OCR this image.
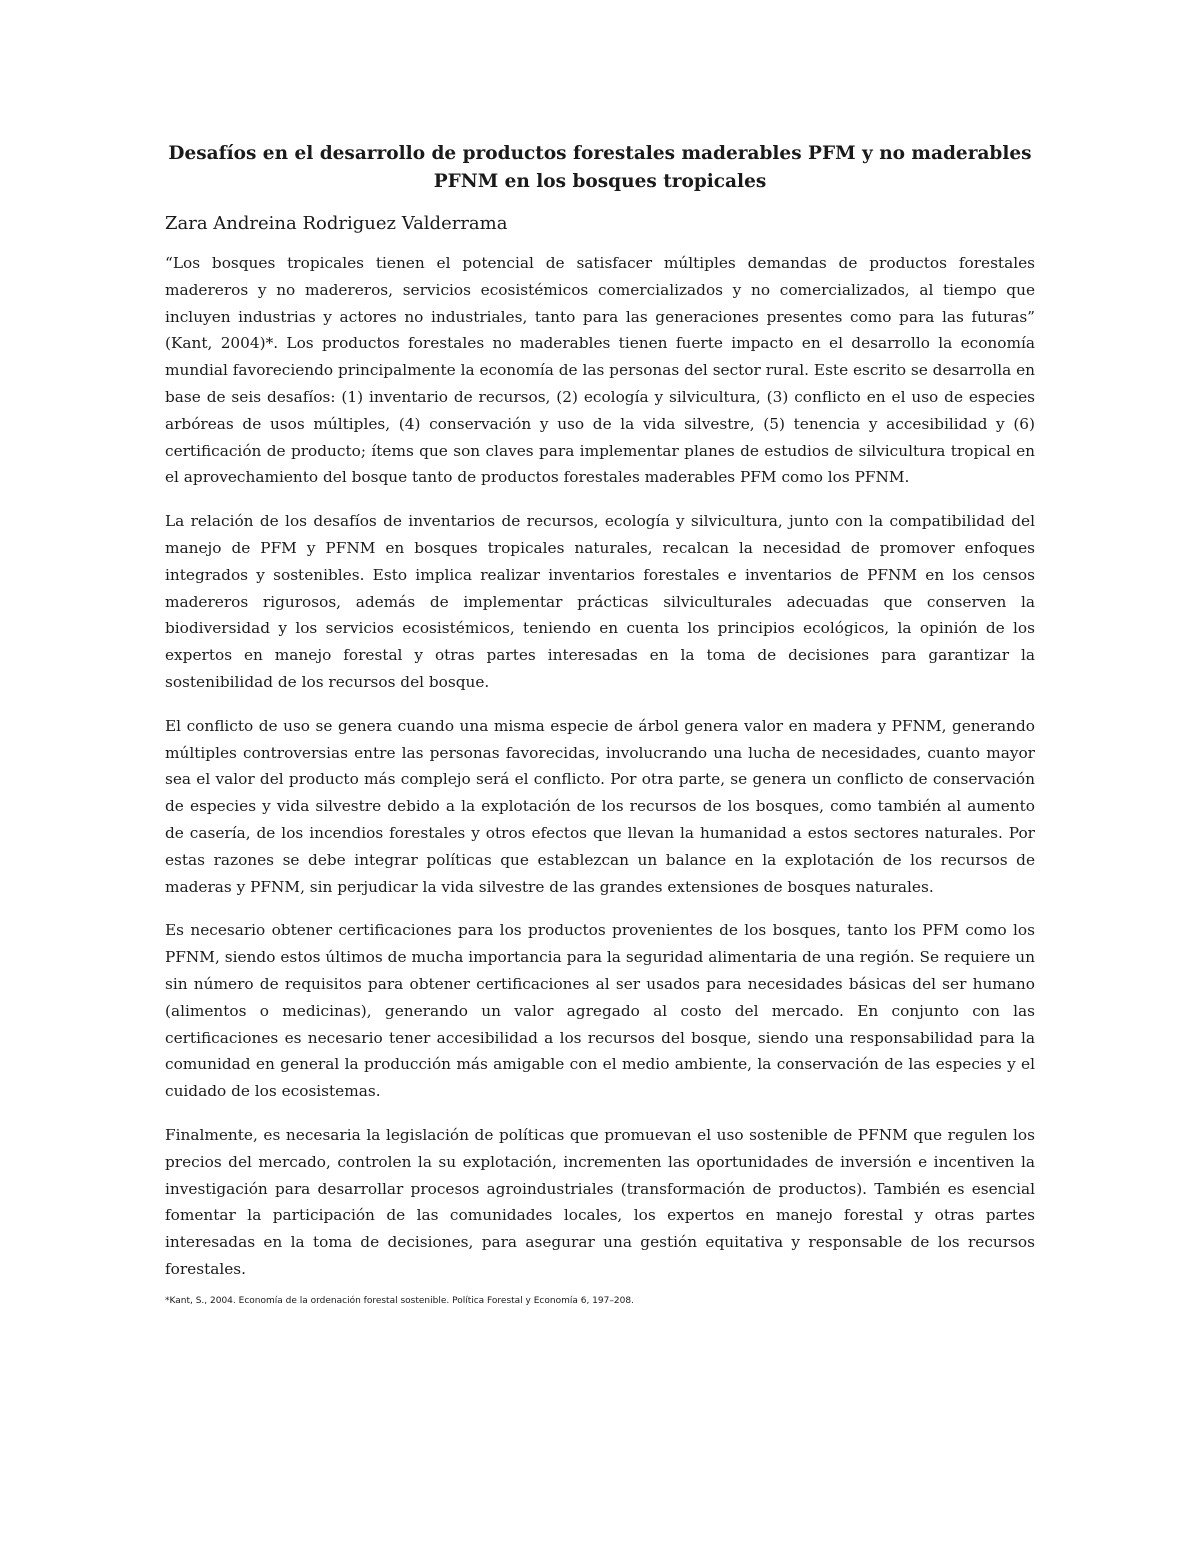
Desafíos en el desarrollo de productos forestales maderables PFM y no maderables PFNM en los bosques tropicales

Zara Andreina Rodriguez Valderrama

“Los bosques tropicales tienen el potencial de satisfacer múltiples demandas de productos forestales madereros y no madereros, servicios ecosistémicos comercializados y no comercializados, al tiempo que incluyen industrias y actores no industriales, tanto para las generaciones presentes como para las futuras” (Kant, 2004)*. Los productos forestales no maderables tienen fuerte impacto en el desarrollo la economía mundial favoreciendo principalmente la economía de las personas del sector rural. Este escrito se desarrolla en base de seis desafíos: (1) inventario de recursos, (2) ecología y silvicultura, (3) conflicto en el uso de especies arbóreas de usos múltiples, (4) conservación y uso de la vida silvestre, (5) tenencia y accesibilidad y (6) certificación de producto; ítems que son claves para implementar planes de estudios de silvicultura tropical en el aprovechamiento del bosque tanto de productos forestales maderables PFM como los PFNM.

La relación de los desafíos de inventarios de recursos, ecología y silvicultura, junto con la compatibilidad del manejo de PFM y PFNM en bosques tropicales naturales, recalcan la necesidad de promover enfoques integrados y sostenibles. Esto implica realizar inventarios forestales e inventarios de PFNM en los censos madereros rigurosos, además de implementar prácticas silviculturales adecuadas que conserven la biodiversidad y los servicios ecosistémicos, teniendo en cuenta los principios ecológicos, la opinión de los expertos en manejo forestal y otras partes interesadas en la toma de decisiones para garantizar la sostenibilidad de los recursos del bosque.

El conflicto de uso se genera cuando una misma especie de árbol genera valor en madera y PFNM, generando múltiples controversias entre las personas favorecidas, involucrando una lucha de necesidades, cuanto mayor sea el valor del producto más complejo será el conflicto. Por otra parte, se genera un conflicto de conservación de especies y vida silvestre debido a la explotación de los recursos de los bosques, como también al aumento de casería, de los incendios forestales y otros efectos que llevan la humanidad a estos sectores naturales. Por estas razones se debe integrar políticas que establezcan un balance en la explotación de los recursos de maderas y PFNM, sin perjudicar la vida silvestre de las grandes extensiones de bosques naturales.

Es necesario obtener certificaciones para los productos provenientes de los bosques, tanto los PFM como los PFNM, siendo estos últimos de mucha importancia para la seguridad alimentaria de una región. Se requiere un sin número de requisitos para obtener certificaciones al ser usados para necesidades básicas del ser humano (alimentos o medicinas), generando un valor agregado al costo del mercado. En conjunto con las certificaciones es necesario tener accesibilidad a los recursos del bosque, siendo una responsabilidad para la comunidad en general la producción más amigable con el medio ambiente, la conservación de las especies y el cuidado de los ecosistemas.

Finalmente, es necesaria la legislación de políticas que promuevan el uso sostenible de PFNM que regulen los precios del mercado, controlen la su explotación, incrementen las oportunidades de inversión e incentiven la investigación para desarrollar procesos agroindustriales (transformación de productos). También es esencial fomentar la participación de las comunidades locales, los expertos en manejo forestal y otras partes interesadas en la toma de decisiones, para asegurar una gestión equitativa y responsable de los recursos forestales.

*Kant, S., 2004. Economía de la ordenación forestal sostenible. Política Forestal y Economía 6, 197–208.
